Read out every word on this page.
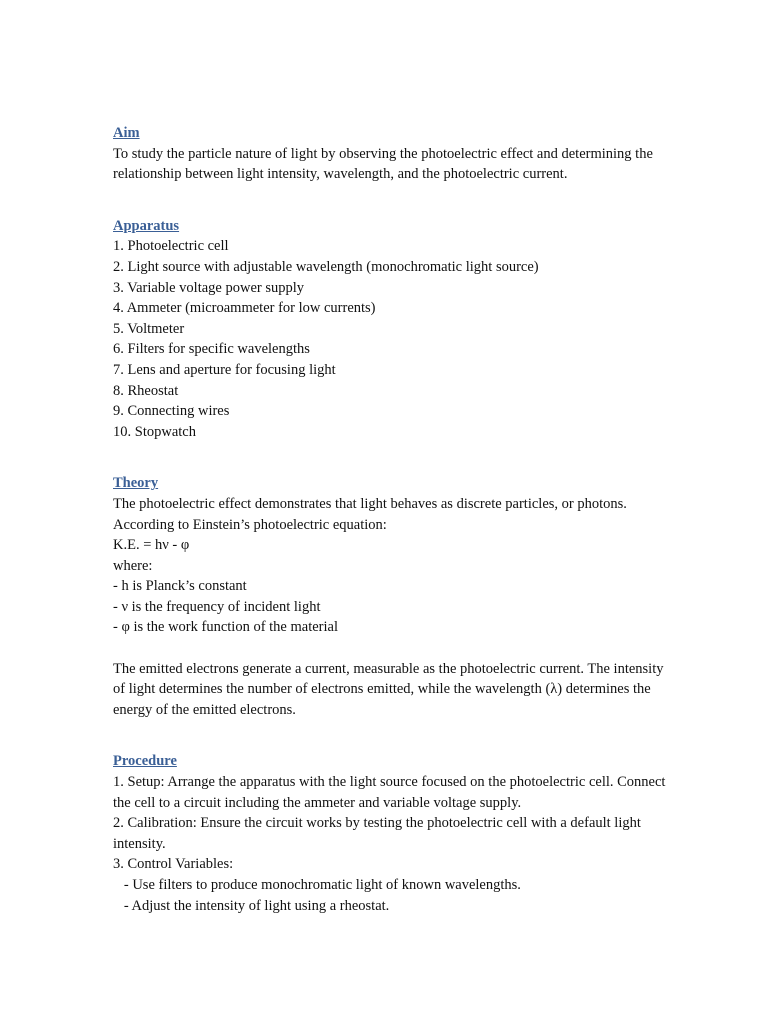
Aim
To study the particle nature of light by observing the photoelectric effect and determining the relationship between light intensity, wavelength, and the photoelectric current.
Apparatus
1. Photoelectric cell
2. Light source with adjustable wavelength (monochromatic light source)
3. Variable voltage power supply
4. Ammeter (microammeter for low currents)
5. Voltmeter
6. Filters for specific wavelengths
7. Lens and aperture for focusing light
8. Rheostat
9. Connecting wires
10. Stopwatch
Theory
The photoelectric effect demonstrates that light behaves as discrete particles, or photons.
According to Einstein’s photoelectric equation:
K.E. = hν - φ
where:
- h is Planck’s constant
- ν is the frequency of incident light
- φ is the work function of the material
The emitted electrons generate a current, measurable as the photoelectric current. The intensity of light determines the number of electrons emitted, while the wavelength (λ) determines the energy of the emitted electrons.
Procedure
1. Setup: Arrange the apparatus with the light source focused on the photoelectric cell. Connect the cell to a circuit including the ammeter and variable voltage supply.
2. Calibration: Ensure the circuit works by testing the photoelectric cell with a default light intensity.
3. Control Variables:
- Use filters to produce monochromatic light of known wavelengths.
- Adjust the intensity of light using a rheostat.
